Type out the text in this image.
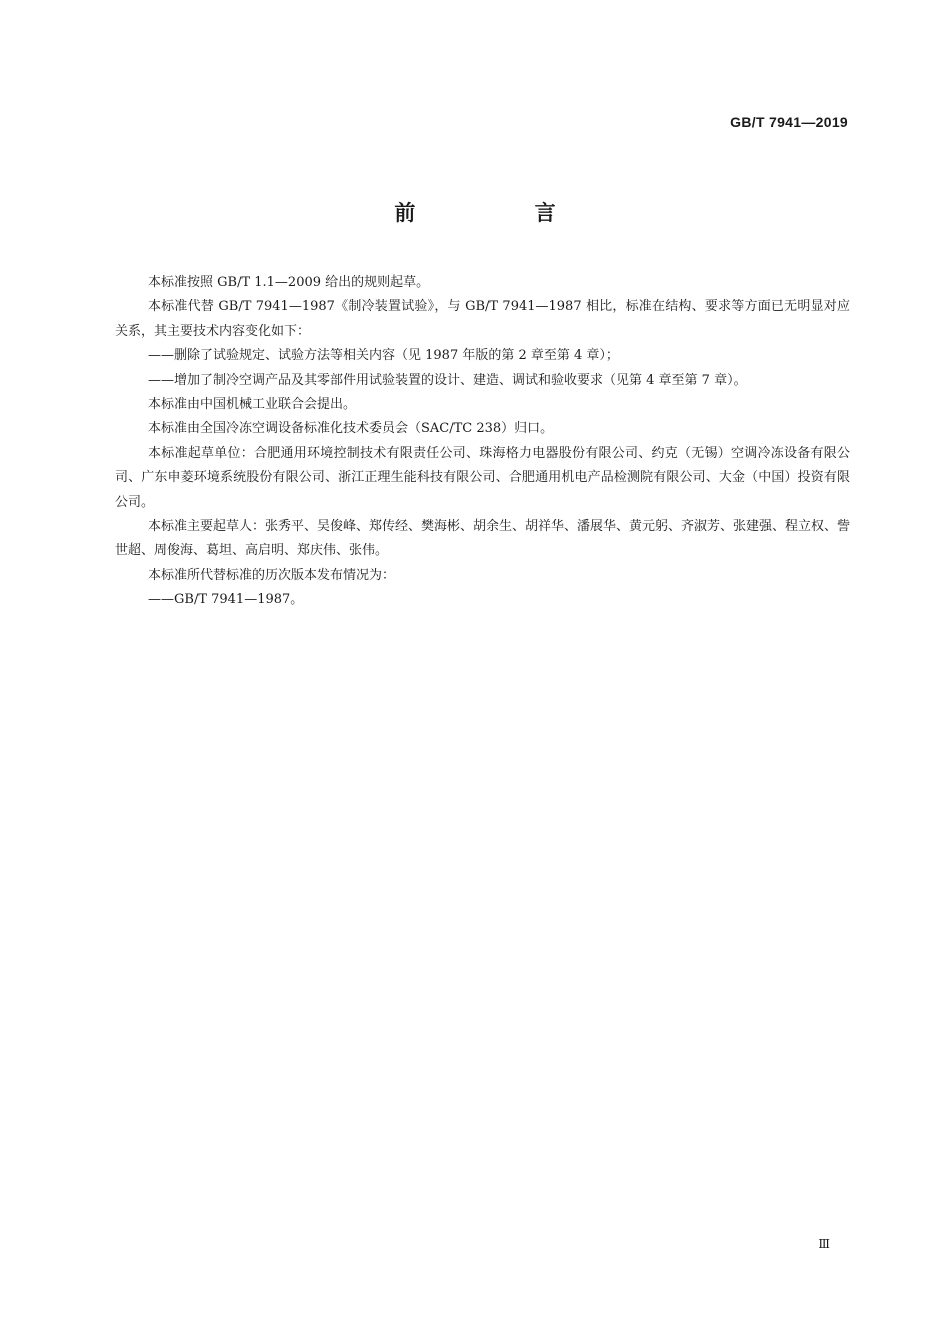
GB/T 7941—2019
前 言

本标准按照 GB/T 1.1—2009 给出的规则起草。

本标准代替 GB/T 7941—1987《制冷装置试验》，与 GB/T 7941—1987 相比，标准在结构、要求等方面已无明显对应关系，其主要技术内容变化如下：

——删除了试验规定、试验方法等相关内容（见 1987 年版的第 2 章至第 4 章）；

——增加了制冷空调产品及其零部件用试验装置的设计、建造、调试和验收要求（见第 4 章至第 7 章）。

本标准由中国机械工业联合会提出。

本标准由全国冷冻空调设备标准化技术委员会（SAC/TC 238）归口。

本标准起草单位：合肥通用环境控制技术有限责任公司、珠海格力电器股份有限公司、约克（无锡）空调冷冻设备有限公司、广东申菱环境系统股份有限公司、浙江正理生能科技有限公司、合肥通用机电产品检测院有限公司、大金（中国）投资有限公司。

本标准主要起草人：张秀平、吴俊峰、郑传经、樊海彬、胡余生、胡祥华、潘展华、黄元躬、齐淑芳、张建强、程立权、訾世超、周俊海、葛坦、高启明、郑庆伟、张伟。

本标准所代替标准的历次版本发布情况为：

——GB/T 7941—1987。

Ⅲ
